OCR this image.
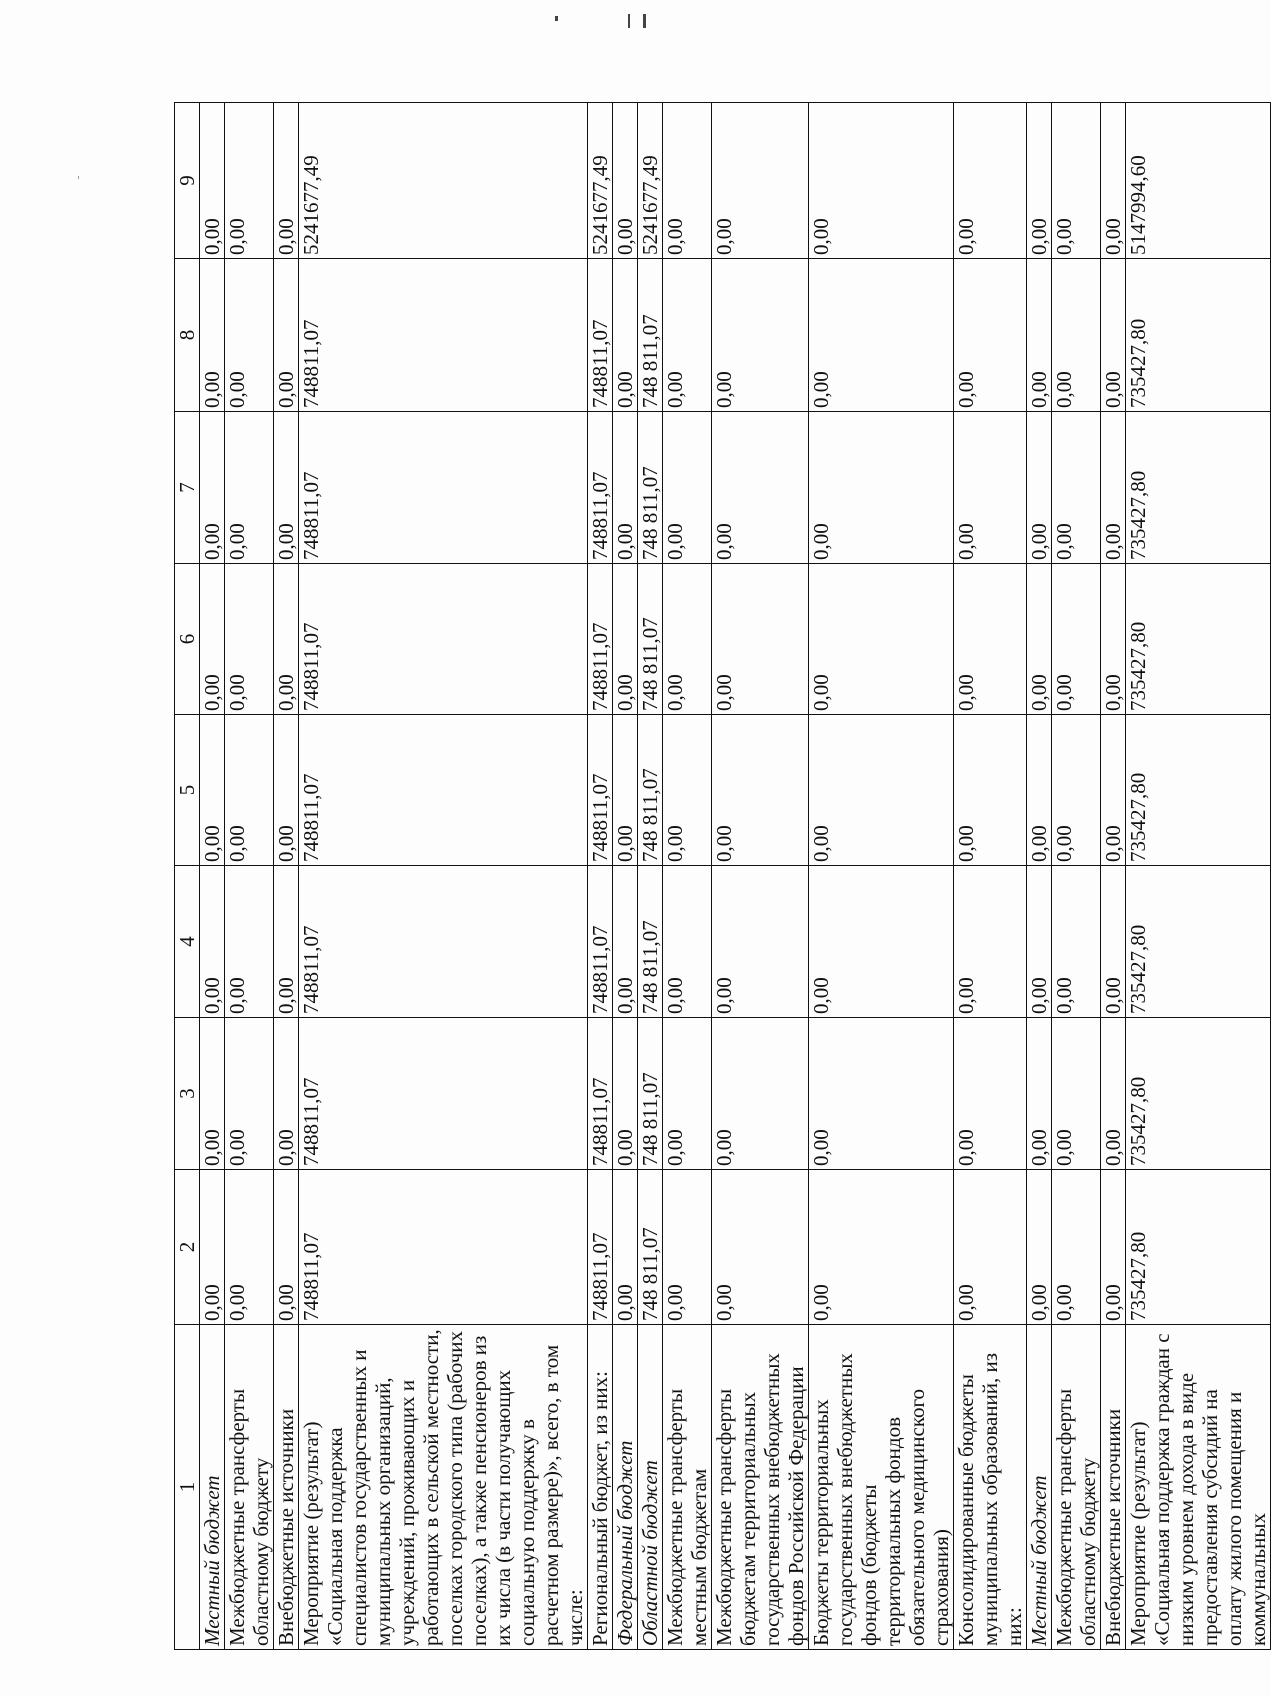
1	2	3	4	5	6	7	8	9
Местный бюджет	0,00	0,00	0,00	0,00	0,00	0,00	0,00	0,00
Межбюджетные трансферты областному бюджету	0,00	0,00	0,00	0,00	0,00	0,00	0,00	0,00
Внебюджетные источники	0,00	0,00	0,00	0,00	0,00	0,00	0,00	0,00
Мероприятие (результат) «Социальная поддержка специалистов государственных и муниципальных организаций, учреждений, проживающих и работающих в сельской местности, поселках городского типа (рабочих поселках), а также пенсионеров из их числа (в части получающих социальную поддержку в расчетном размере)», всего, в том числе:	748811,07	748811,07	748811,07	748811,07	748811,07	748811,07	748811,07	5241677,49
Региональный бюджет, из них:	748811,07	748811,07	748811,07	748811,07	748811,07	748811,07	748811,07	5241677,49
Федеральный бюджет	0,00	0,00	0,00	0,00	0,00	0,00	0,00	0,00
Областной бюджет	748 811,07	748 811,07	748 811,07	748 811,07	748 811,07	748 811,07	748 811,07	5241677,49
Межбюджетные трансферты местным бюджетам	0,00	0,00	0,00	0,00	0,00	0,00	0,00	0,00
Межбюджетные трансферты бюджетам территориальных государственных внебюджетных фондов Российской Федерации	0,00	0,00	0,00	0,00	0,00	0,00	0,00	0,00
Бюджеты территориальных государственных внебюджетных фондов (бюджеты территориальных фондов обязательного медицинского страхования)	0,00	0,00	0,00	0,00	0,00	0,00	0,00	0,00
Консолидированные бюджеты муниципальных образований, из них:	0,00	0,00	0,00	0,00	0,00	0,00	0,00	0,00
Местный бюджет	0,00	0,00	0,00	0,00	0,00	0,00	0,00	0,00
Межбюджетные трансферты областному бюджету	0,00	0,00	0,00	0,00	0,00	0,00	0,00	0,00
Внебюджетные источники	0,00	0,00	0,00	0,00	0,00	0,00	0,00	0,00
Мероприятие (результат) «Социальная поддержка граждан с низким уровнем дохода в виде предоставления субсидий на оплату жилого помещения и коммунальных	735427,80	735427,80	735427,80	735427,80	735427,80	735427,80	735427,80	5147994,60
